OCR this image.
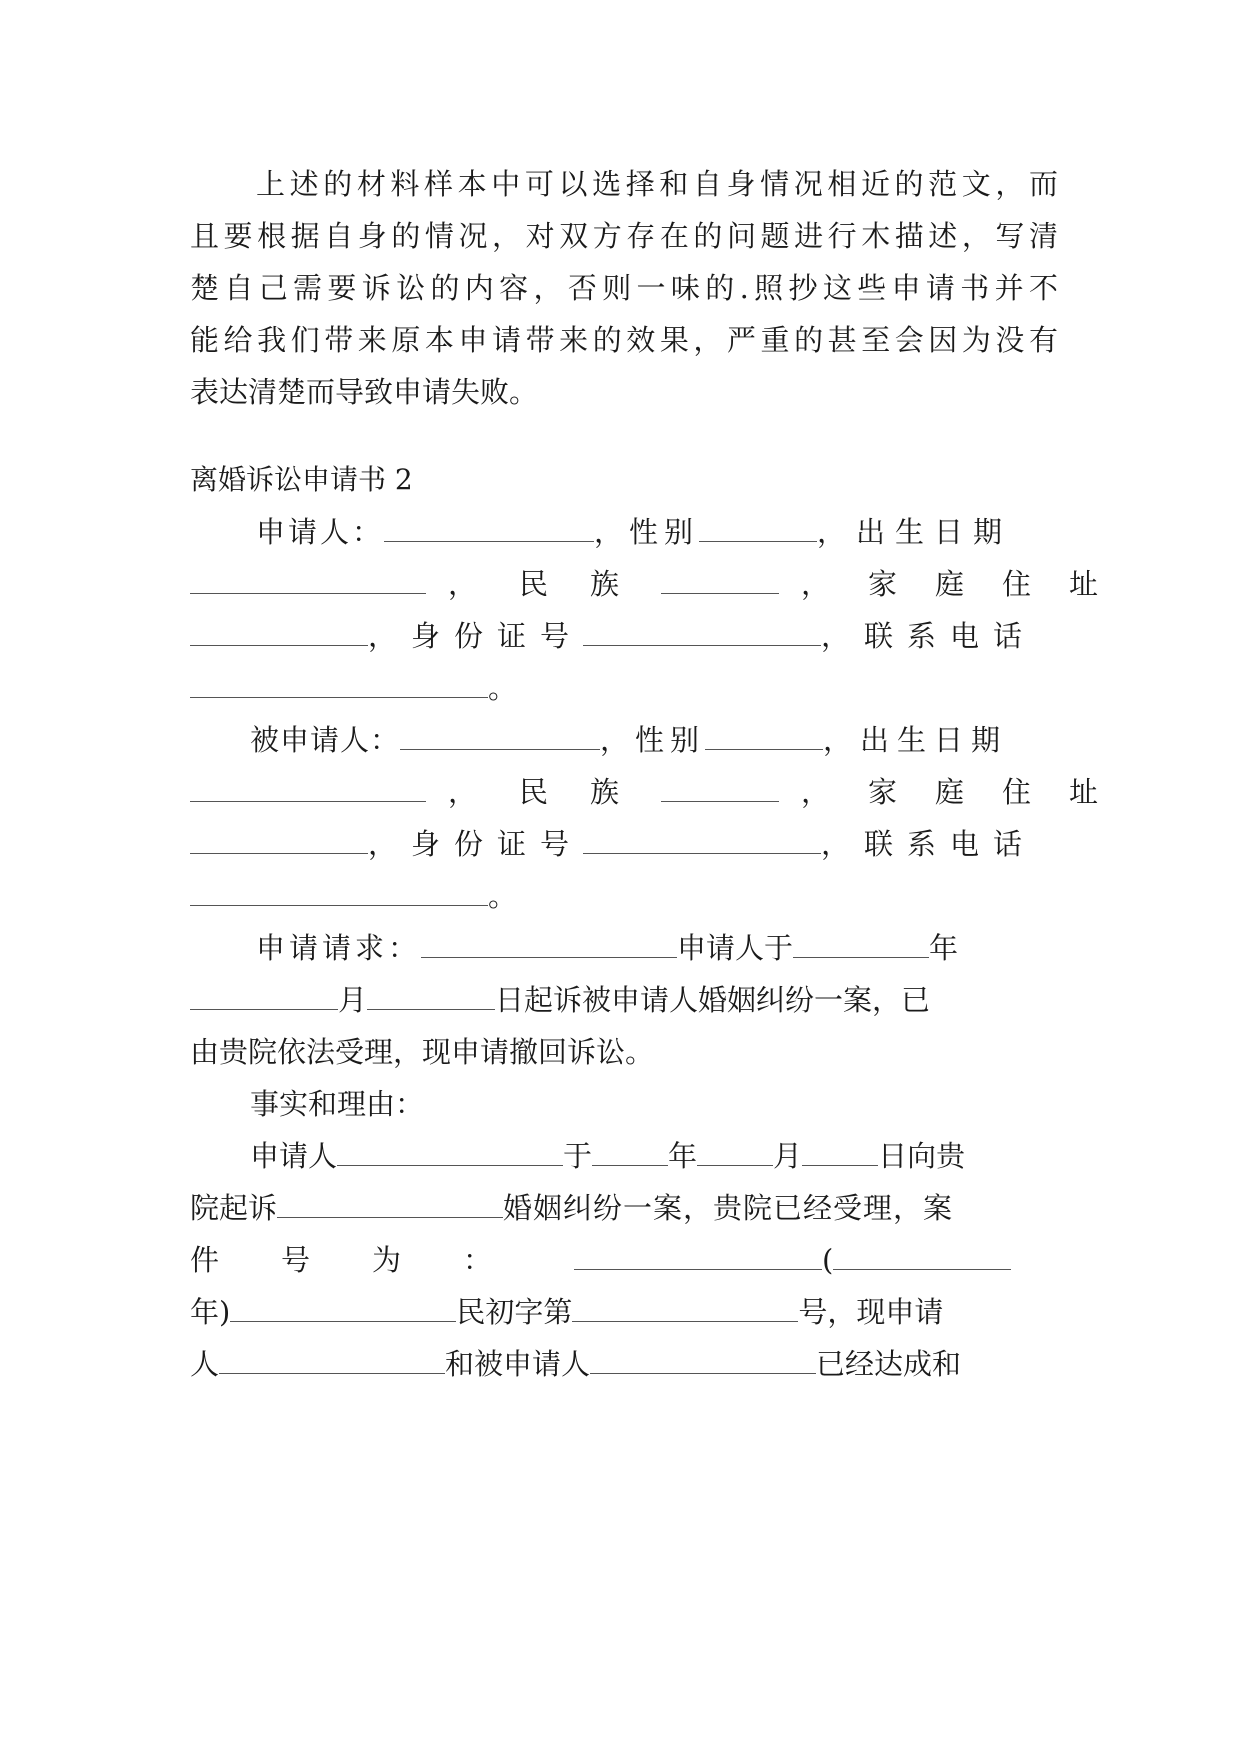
上述的材料样本中可以选择和自身情况相近的范文，而
且要根据自身的情况，对双方存在的问题进行木描述，写清
楚自己需要诉讼的内容，否则一味的.照抄这些申请书并不
能给我们带来原本申请带来的效果，严重的甚至会因为没有
表达清楚而导致申请失败。
离婚诉讼申请书 2
申请人：	，性别	，出生日期
，民族	，家庭住址
，身份证号	，联系电话
。
被申请人：	，性别	，出生日期
，民族	，家庭住址
，身份证号	，联系电话
。
申请请求：	申请人于	年
月	日起诉被申请人婚姻纠纷一案，已
由贵院依法受理，现申请撤回诉讼。
事实和理由：
申请人	于	年	月	日向贵
院起诉	婚姻纠纷一案，贵院已经受理，案
件号为：	(
年)	民初字第	号，现申请
人	和被申请人	已经达成和
